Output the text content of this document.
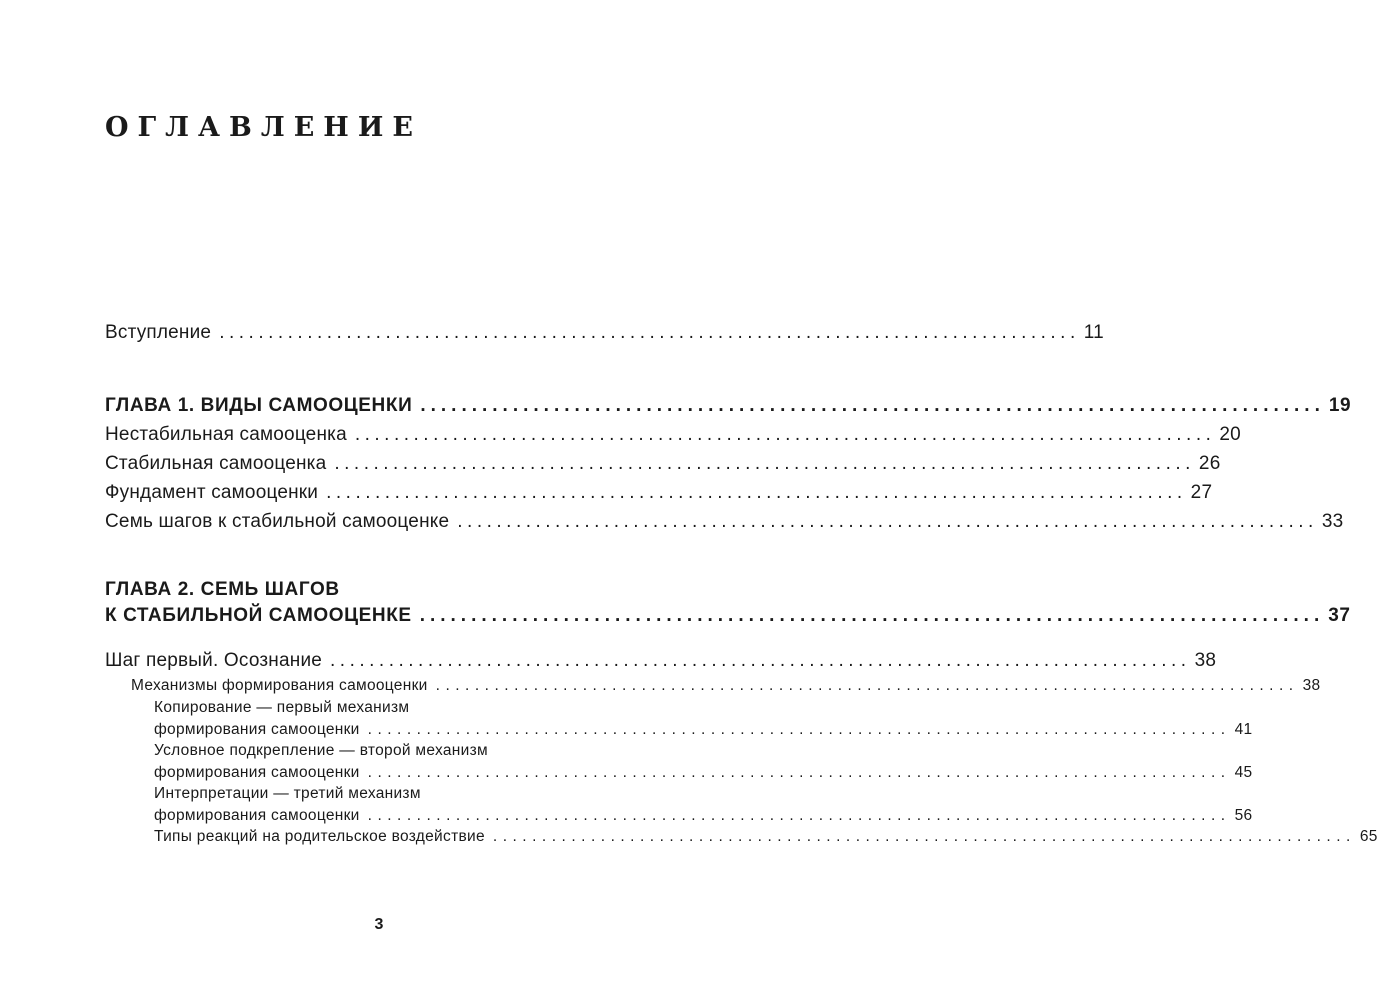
ОГЛАВЛЕНИЕ
Вступление ........................................................................................ 11
ГЛАВА 1. ВИДЫ САМООЦЕНКИ ........................................................................................ 19
Нестабильная самооценка ........................................................................................ 20
Стабильная самооценка ........................................................................................ 26
Фундамент самооценки ........................................................................................ 27
Семь шагов к стабильной самооценке ........................................................................................ 33
ГЛАВА 2. СЕМЬ ШАГОВ
К СТАБИЛЬНОЙ САМООЦЕНКЕ ........................................................................................ 37
Шаг первый. Осознание ........................................................................................ 38
Механизмы формирования самооценки ........................................................................................ 38
Копирование — первый механизм
формирования самооценки ........................................................................................ 41
Условное подкрепление — второй механизм
формирования самооценки ........................................................................................ 45
Интерпретации — третий механизм
формирования самооценки ........................................................................................ 56
Типы реакций на родительское воздействие ........................................................................................ 65
3
